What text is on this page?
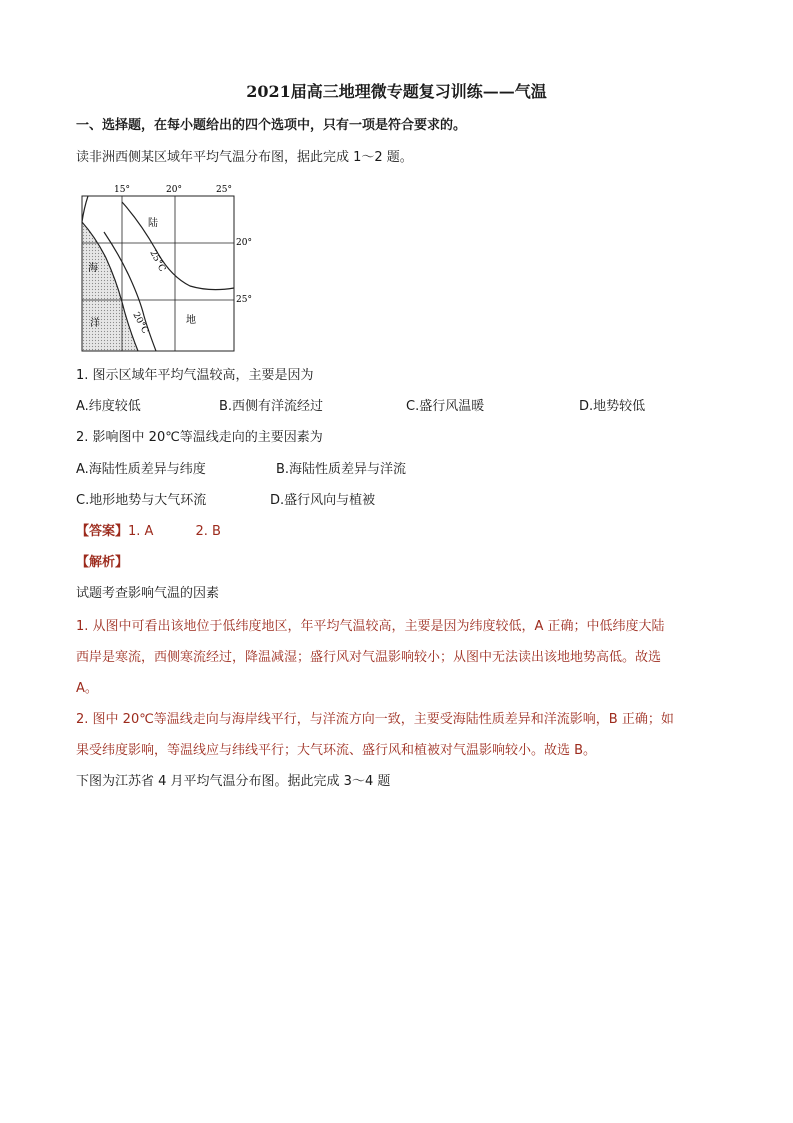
2021届高三地理微专题复习训练——气温
一、选择题，在每小题给出的四个选项中，只有一项是符合要求的。
读非洲西侧某区域年平均气温分布图，据此完成 1～2 题。
15°	20°	25°
20°
25°
陆
地
海
洋
25°C
20°C
1. 图示区域年平均气温较高，主要是因为
A.纬度较低	B.西侧有洋流经过	C.盛行风温暖	D.地势较低
2. 影响图中 20℃等温线走向的主要因素为
A.海陆性质差异与纬度	B.海陆性质差异与洋流
C.地形地势与大气环流	D.盛行风向与植被
【答案】1. A	2. B
【解析】
试题考查影响气温的因素
1. 从图中可看出该地位于低纬度地区，年平均气温较高，主要是因为纬度较低，A 正确；中低纬度大陆
西岸是寒流，西侧寒流经过，降温减湿；盛行风对气温影响较小；从图中无法读出该地地势高低。故选
A。
2. 图中 20℃等温线走向与海岸线平行，与洋流方向一致，主要受海陆性质差异和洋流影响，B 正确；如
果受纬度影响，等温线应与纬线平行；大气环流、盛行风和植被对气温影响较小。故选 B。
下图为江苏省 4 月平均气温分布图。据此完成 3～4 题
